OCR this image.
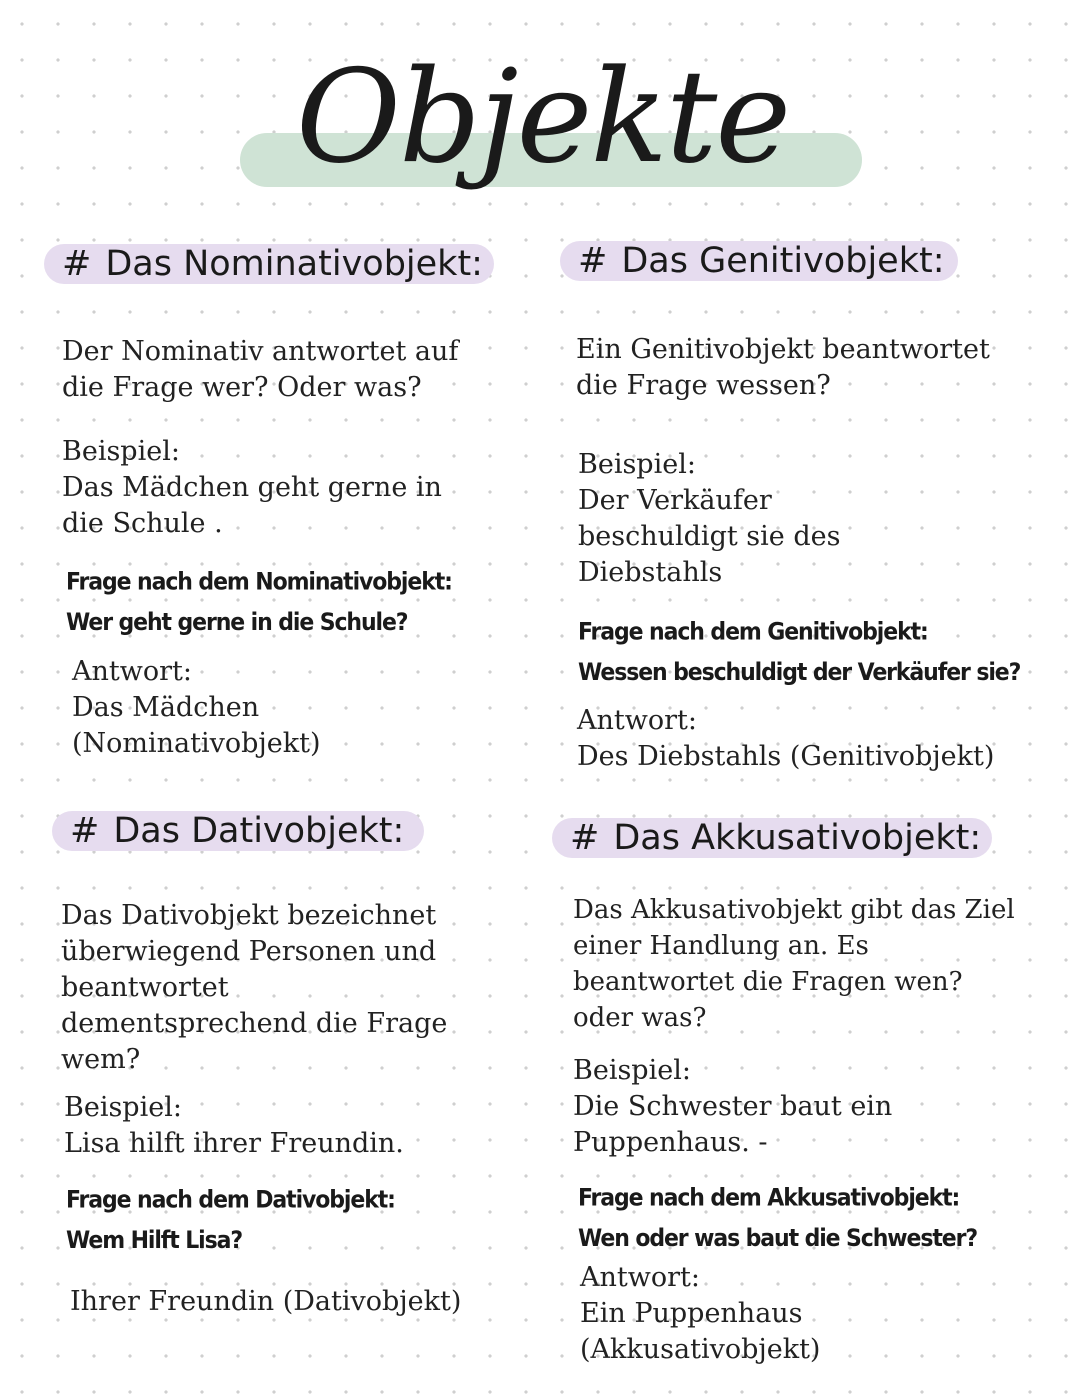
Objekte
# Das Nominativobjekt:
Der Nominativ antwortet auf
die Frage wer? Oder was?
Beispiel:
Das Mädchen geht gerne in
die Schule .
Frage nach dem Nominativobjekt:
Wer geht gerne in die Schule?
Antwort:
Das Mädchen
(Nominativobjekt)
# Das Genitivobjekt:
Ein Genitivobjekt beantwortet
die Frage wessen?
Beispiel:
Der Verkäufer
beschuldigt sie des
Diebstahls
Frage nach dem Genitivobjekt:
Wessen beschuldigt der Verkäufer sie?
Antwort:
Des Diebstahls (Genitivobjekt)
# Das Dativobjekt:
Das Dativobjekt bezeichnet
überwiegend Personen und
beantwortet
dementsprechend die Frage
wem?
Beispiel:
Lisa hilft ihrer Freundin.
Frage nach dem Dativobjekt:
Wem Hilft Lisa?
Ihrer Freundin (Dativobjekt)
# Das Akkusativobjekt:
Das Akkusativobjekt gibt das Ziel
einer Handlung an. Es
beantwortet die Fragen wen?
oder was?
Beispiel:
Die Schwester baut ein
Puppenhaus. -
Frage nach dem Akkusativobjekt:
Wen oder was baut die Schwester?
Antwort:
Ein Puppenhaus
(Akkusativobjekt)
